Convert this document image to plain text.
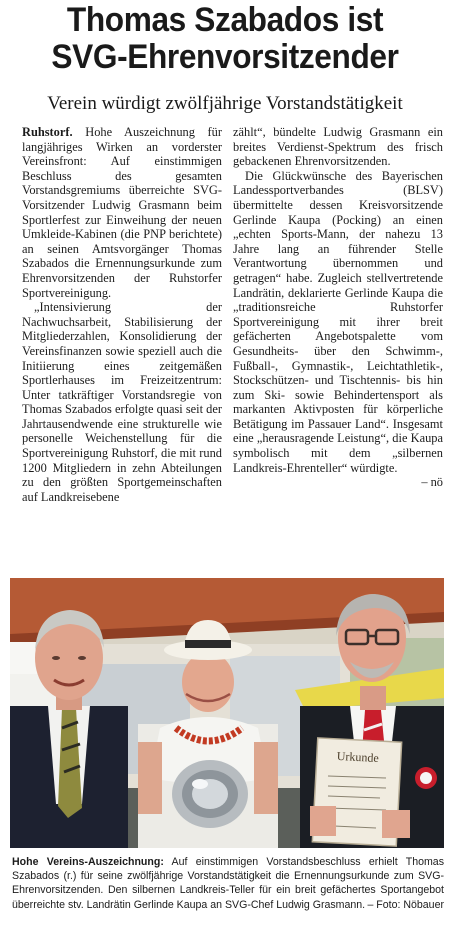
Thomas Szabados ist
SVG-Ehrenvorsitzender
Verein würdigt zwölfjährige Vorstandstätigkeit

Ruhstorf. Hohe Auszeichnung für langjähriges Wirken an vorderster Vereinsfront: Auf einstimmigen Beschluss des gesamten Vorstandsgremiums überreichte SVG-Vorsitzender Ludwig Grasmann beim Sportlerfest zur Einweihung der neuen Umkleide-Kabinen (die PNP berichtete) an seinen Amtsvorgänger Thomas Szabados die Ernennungsurkunde zum Ehrenvorsitzenden der Ruhstorfer Sportvereinigung.

„Intensivierung der Nachwuchsarbeit, Stabilisierung der Mitgliederzahlen, Konsolidierung der Vereinsfinanzen sowie speziell auch die Initiierung eines zeitgemäßen Sportlerhauses im Freizeitzentrum: Unter tatkräftiger Vorstandsregie von Thomas Szabados erfolgte quasi seit der Jahrtausendwende eine strukturelle wie personelle Weichenstellung für die Sportvereinigung Ruhstorf, die mit rund 1200 Mitgliedern in zehn Abteilungen zu den größten Sportgemeinschaften auf Landkreisebene

zählt“, bündelte Ludwig Grasmann ein breites Verdienst-Spektrum des frisch gebackenen Ehrenvorsitzenden.

Die Glückwünsche des Bayerischen Landessportverbandes (BLSV) übermittelte dessen Kreisvorsitzende Gerlinde Kaupa (Pocking) an einen „echten Sports-Mann, der nahezu 13 Jahre lang an führender Stelle Verantwortung übernommen und getragen“ habe. Zugleich stellvertretende Landrätin, deklarierte Gerlinde Kaupa die „traditionsreiche Ruhstorfer Sportvereinigung mit ihrer breit gefächerten Angebotspalette vom Gesundheits- über den Schwimm-, Fußball-, Gymnastik-, Leichtathletik-, Stockschützen- und Tischtennis- bis hin zum Ski- sowie Behindertensport als markanten Aktivposten für körperliche Betätigung im Passauer Land“. Insgesamt eine „herausragende Leistung“, die Kaupa symbolisch mit dem „silbernen Landkreis-Ehrenteller“ würdigte.

– nö
Urkunde
Hohe Vereins-Auszeichnung: Auf einstimmigen Vorstandsbeschluss erhielt Thomas Szabados (r.) für seine zwölfjährige Vorstandstätigkeit die Ernennungsurkunde zum SVG-Ehrenvorsitzenden. Den silbernen Landkreis-Teller für ein breit gefächertes Sportangebot überreichte stv. Landrätin Gerlinde Kaupa an SVG-Chef Ludwig Grasmann. – Foto: Nöbauer
